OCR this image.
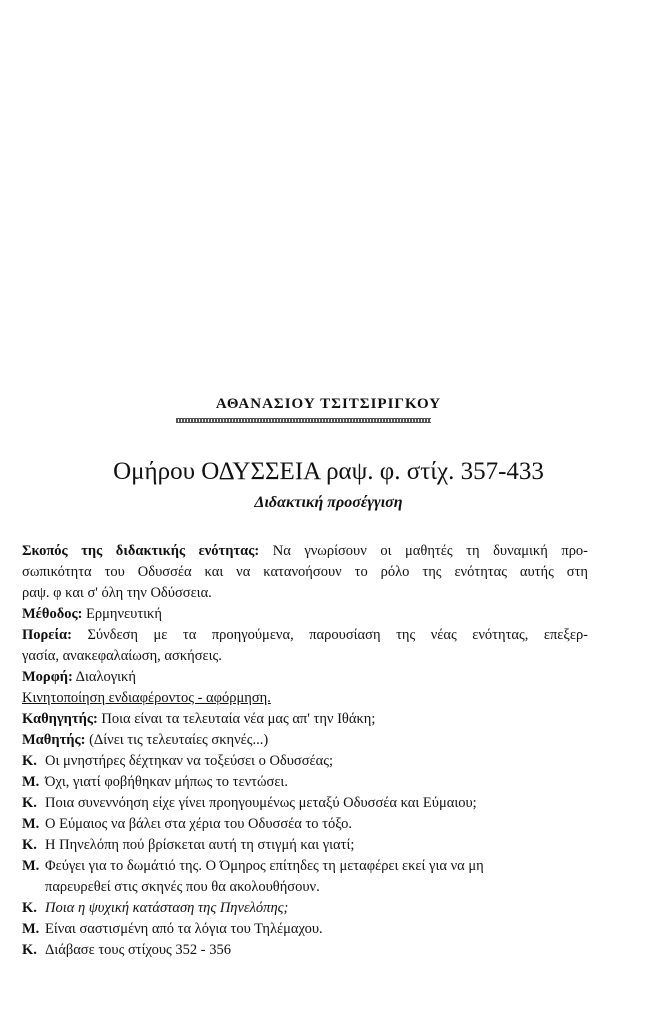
ΑΘΑΝΑΣΙΟΥ ΤΣΙΤΣΙΡΙΓΚΟΥ
Ομήρου ΟΔΥΣΣΕΙΑ ραψ. φ. στίχ. 357-433
Διδακτική προσέγγιση
Σκοπός της διδακτικής ενότητας: Να γνωρίσουν οι μαθητές τη δυναμική προ-
σωπικότητα του Οδυσσέα και να κατανοήσουν το ρόλο της ενότητας αυτής στη
ραψ. φ και σ' όλη την Οδύσσεια.
Μέθοδος: Ερμηνευτική
Πορεία: Σύνδεση με τα προηγούμενα, παρουσίαση της νέας ενότητας, επεξερ-
γασία, ανακεφαλαίωση, ασκήσεις.
Μορφή: Διαλογική
Κινητοποίηση ενδιαφέροντος - αφόρμηση.
Καθηγητής: Ποια είναι τα τελευταία νέα μας απ' την Ιθάκη;
Μαθητής: (Δίνει τις τελευταίες σκηνές...)
Κ. Οι μνηστήρες δέχτηκαν να τοξεύσει ο Οδυσσέας;
Μ. Όχι, γιατί φοβήθηκαν μήπως το τεντώσει.
Κ. Ποια συνεννόηση είχε γίνει προηγουμένως μεταξύ Οδυσσέα και Εύμαιου;
Μ. Ο Εύμαιος να βάλει στα χέρια του Οδυσσέα το τόξο.
Κ. Η Πηνελόπη πού βρίσκεται αυτή τη στιγμή και γιατί;
Μ. Φεύγει για το δωμάτιό της. Ο Όμηρος επίτηδες τη μεταφέρει εκεί για να μη
παρευρεθεί στις σκηνές που θα ακολουθήσουν.
Κ. Ποια η ψυχική κατάσταση της Πηνελόπης;
Μ. Είναι σαστισμένη από τα λόγια του Τηλέμαχου.
Κ. Διάβασε τους στίχους 352 - 356
